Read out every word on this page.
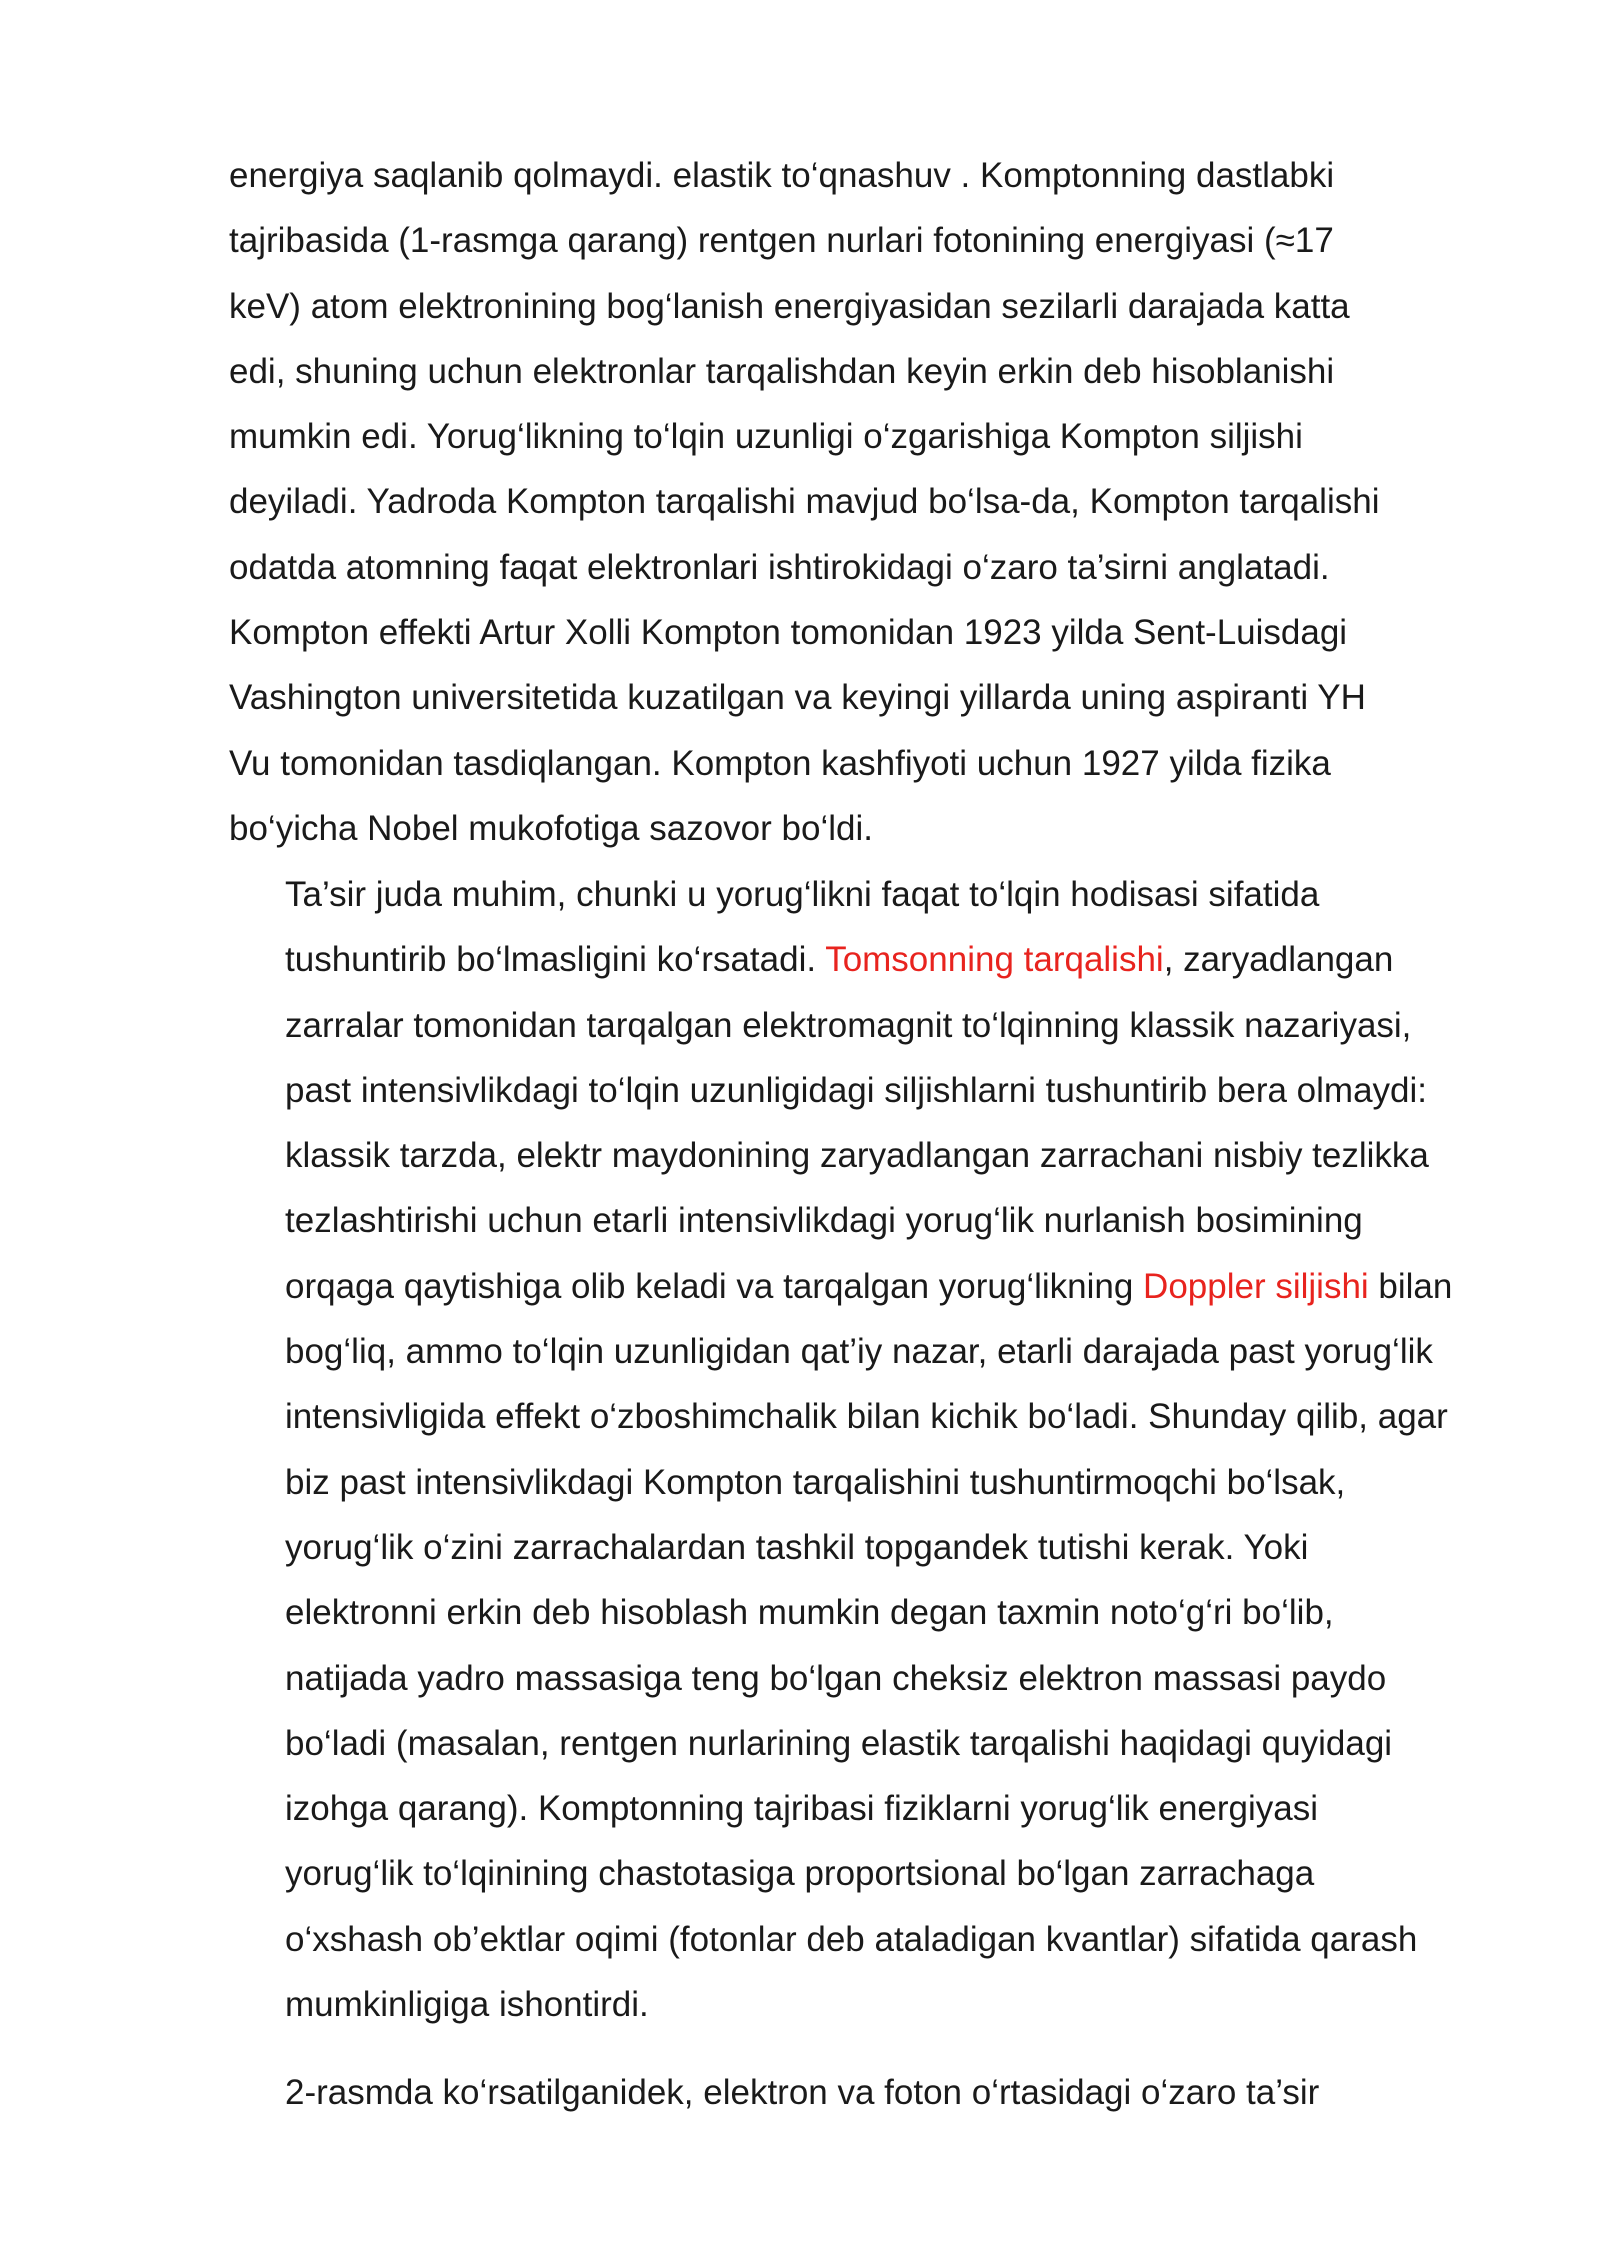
energiya saqlanib qolmaydi. elastik to‘qnashuv . Komptonning dastlabki
tajribasida (1-rasmga qarang) rentgen nurlari fotonining energiyasi (≈17
keV) atom elektronining bog‘lanish energiyasidan sezilarli darajada katta
edi, shuning uchun elektronlar tarqalishdan keyin erkin deb hisoblanishi
mumkin edi. Yorug‘likning to‘lqin uzunligi o‘zgarishiga Kompton siljishi
deyiladi. Yadroda Kompton tarqalishi mavjud bo‘lsa-da, Kompton tarqalishi
odatda atomning faqat elektronlari ishtirokidagi o‘zaro ta’sirni anglatadi.
Kompton effekti Artur Xolli Kompton tomonidan 1923 yilda Sent-Luisdagi
Vashington universitetida kuzatilgan va keyingi yillarda uning aspiranti YH
Vu tomonidan tasdiqlangan. Kompton kashfiyoti uchun 1927 yilda fizika
bo‘yicha Nobel mukofotiga sazovor bo‘ldi.

Ta’sir juda muhim, chunki u yorug‘likni faqat to‘lqin hodisasi sifatida
tushuntirib bo‘lmasligini ko‘rsatadi. Tomsonning tarqalishi, zaryadlangan
zarralar tomonidan tarqalgan elektromagnit to‘lqinning klassik nazariyasi,
past intensivlikdagi to‘lqin uzunligidagi siljishlarni tushuntirib bera olmaydi:
klassik tarzda, elektr maydonining zaryadlangan zarrachani nisbiy tezlikka
tezlashtirishi uchun etarli intensivlikdagi yorug‘lik nurlanish bosimining
orqaga qaytishiga olib keladi va tarqalgan yorug‘likning Doppler siljishi bilan
bog‘liq, ammo to‘lqin uzunligidan qat’iy nazar, etarli darajada past yorug‘lik
intensivligida effekt o‘zboshimchalik bilan kichik bo‘ladi. Shunday qilib, agar
biz past intensivlikdagi Kompton tarqalishini tushuntirmoqchi bo‘lsak,
yorug‘lik o‘zini zarrachalardan tashkil topgandek tutishi kerak. Yoki
elektronni erkin deb hisoblash mumkin degan taxmin noto‘g‘ri bo‘lib,
natijada yadro massasiga teng bo‘lgan cheksiz elektron massasi paydo
bo‘ladi (masalan, rentgen nurlarining elastik tarqalishi haqidagi quyidagi
izohga qarang). Komptonning tajribasi fiziklarni yorug‘lik energiyasi
yorug‘lik to‘lqinining chastotasiga proportsional bo‘lgan zarrachaga
o‘xshash ob’ektlar oqimi (fotonlar deb ataladigan kvantlar) sifatida qarash
mumkinligiga ishontirdi.

2-rasmda ko‘rsatilganidek, elektron va foton o‘rtasidagi o‘zaro ta’sir
